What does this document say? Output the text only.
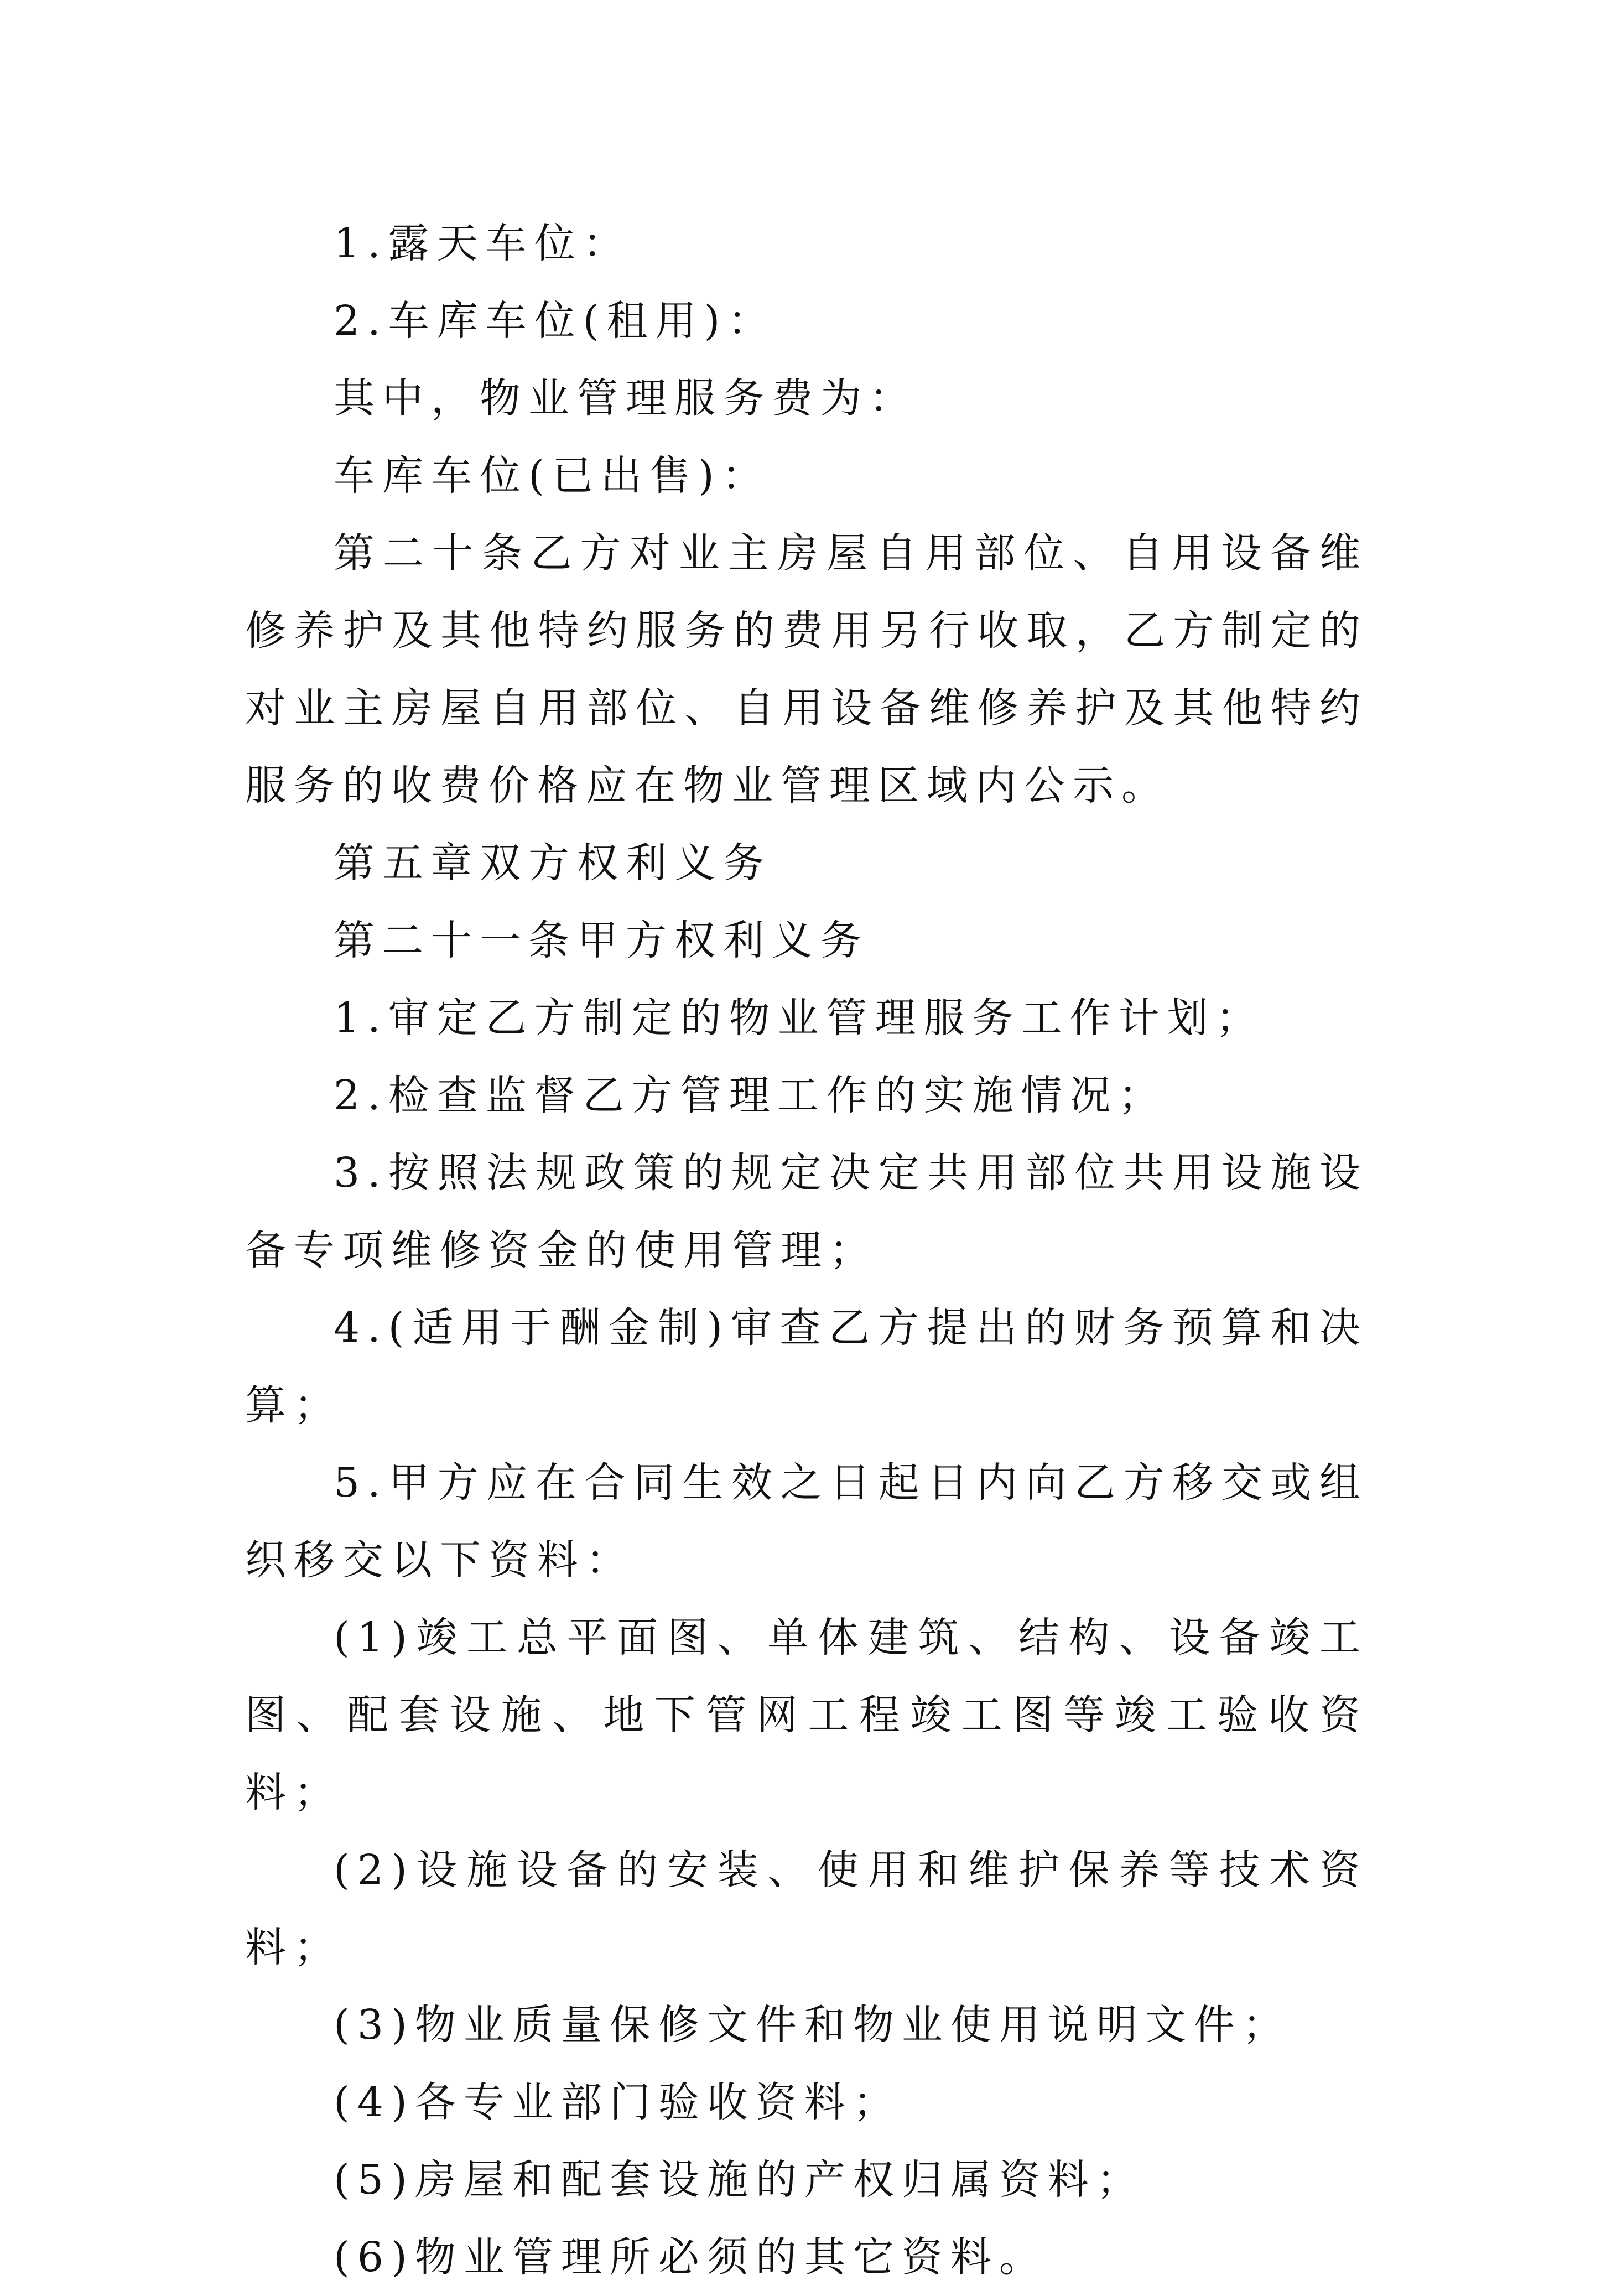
1.露天车位：

2.车库车位(租用)：

其中，物业管理服务费为：

车库车位(已出售)：

第二十条乙方对业主房屋自用部位、自用设备维修养护及其他特约服务的费用另行收取，乙方制定的对业主房屋自用部位、自用设备维修养护及其他特约服务的收费价格应在物业管理区域内公示。

第五章双方权利义务

第二十一条甲方权利义务

1.审定乙方制定的物业管理服务工作计划；

2.检查监督乙方管理工作的实施情况；

3.按照法规政策的规定决定共用部位共用设施设备专项维修资金的使用管理；

4.(适用于酬金制)审查乙方提出的财务预算和决算；

5.甲方应在合同生效之日起日内向乙方移交或组织移交以下资料：

(1)竣工总平面图、单体建筑、结构、设备竣工图、配套设施、地下管网工程竣工图等竣工验收资料；

(2)设施设备的安装、使用和维护保养等技术资料；

(3)物业质量保修文件和物业使用说明文件；

(4)各专业部门验收资料；

(5)房屋和配套设施的产权归属资料；

(6)物业管理所必须的其它资料。
